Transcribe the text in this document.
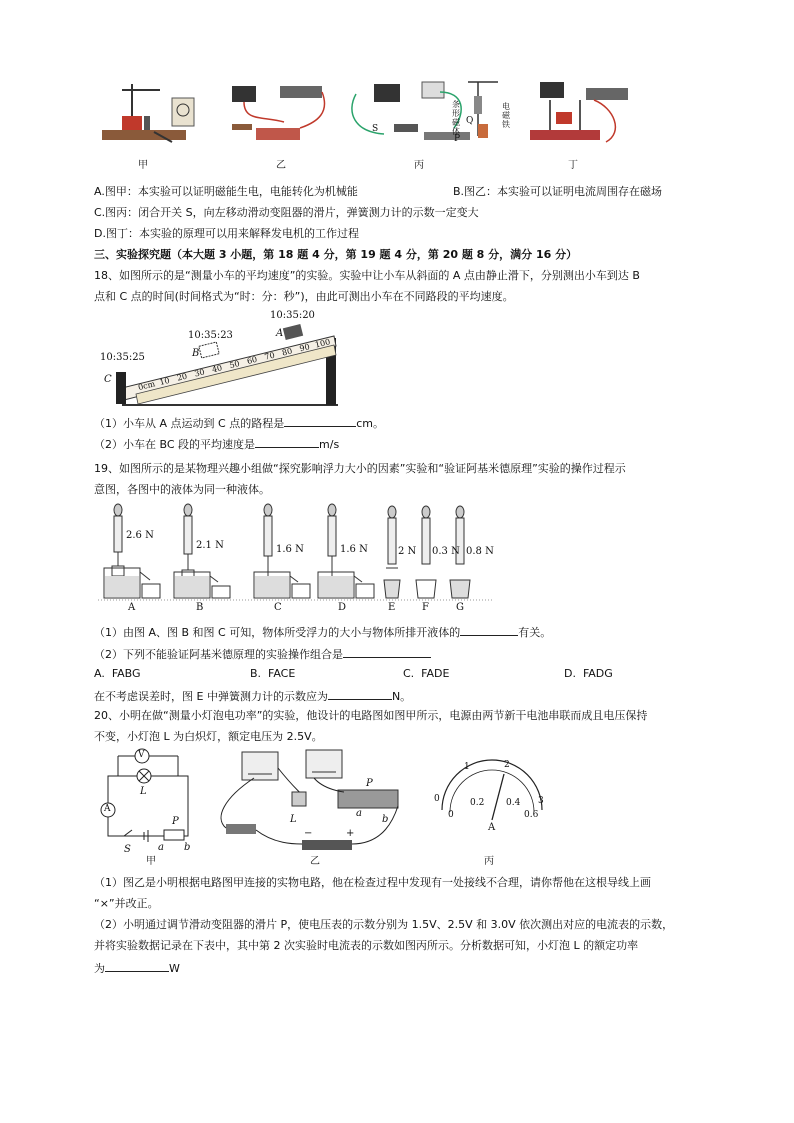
甲	乙	丙	丁
条形磁体
电磁铁
S
Q
P
A.图甲：本实验可以证明磁能生电，电能转化为机械能	B.图乙：本实验可以证明电流周围存在磁场
C.图丙：闭合开关 S，向左移动滑动变阻器的滑片，弹簧测力计的示数一定变大
D.图丁：本实验的原理可以用来解释发电机的工作过程
三、实验探究题（本大题 3 小题，第 18 题 4 分，第 19 题 4 分，第 20 题 8 分，满分 16 分）
18、如图所示的是“测量小车的平均速度”的实验。实验中让小车从斜面的 A 点由静止滑下，分别测出小车到达 B
点和 C 点的时间(时间格式为“时：分：秒”)，由此可测出小车在不同路段的平均速度。
10:35:20
10:35:23
10:35:25
A
B
C	0cm 10 20 30 40 50 60 70 80 90 100
（1）小车从 A 点运动到 C 点的路程是	cm。
（2）小车在 BC 段的平均速度是	m/s
19、如图所示的是某物理兴趣小组做“探究影响浮力大小的因素”实验和“验证阿基米德原理”实验的操作过程示
意图，各图中的液体为同一种液体。
2.6 N
2.1 N	1.6 N	1.6 N	2 N 0.3 N 0.8 N
A	B	C	D	E	F	G
（1）由图 A、图 B 和图 C 可知，物体所受浮力的大小与物体所排开液体的	有关。
（2）下列不能验证阿基米德原理的实验操作组合是
A.  FABG	B.  FACE	C.  FADE	D.  FADG
在不考虑误差时，图 E 中弹簧测力计的示数应为	N。
20、小明在做“测量小灯泡电功率”的实验，他设计的电路图如图甲所示，电源由两节新干电池串联而成且电压保持
不变，小灯泡 L 为白炽灯，额定电压为 2.5V。
V
A
L
S
P
a b
甲
L
P
a
b
−	+
乙
0
1	2
3
0
0.2 0.4
0.6
A
丙
（1）图乙是小明根据电路图甲连接的实物电路，他在检查过程中发现有一处接线不合理，请你帮他在这根导线上画
“×”并改正。
（2）小明通过调节滑动变阻器的滑片 P，使电压表的示数分别为 1.5V、2.5V 和 3.0V 依次测出对应的电流表的示数，
并将实验数据记录在下表中，其中第 2 次实验时电流表的示数如图丙所示。分析数据可知，小灯泡 L 的额定功率
为	W
